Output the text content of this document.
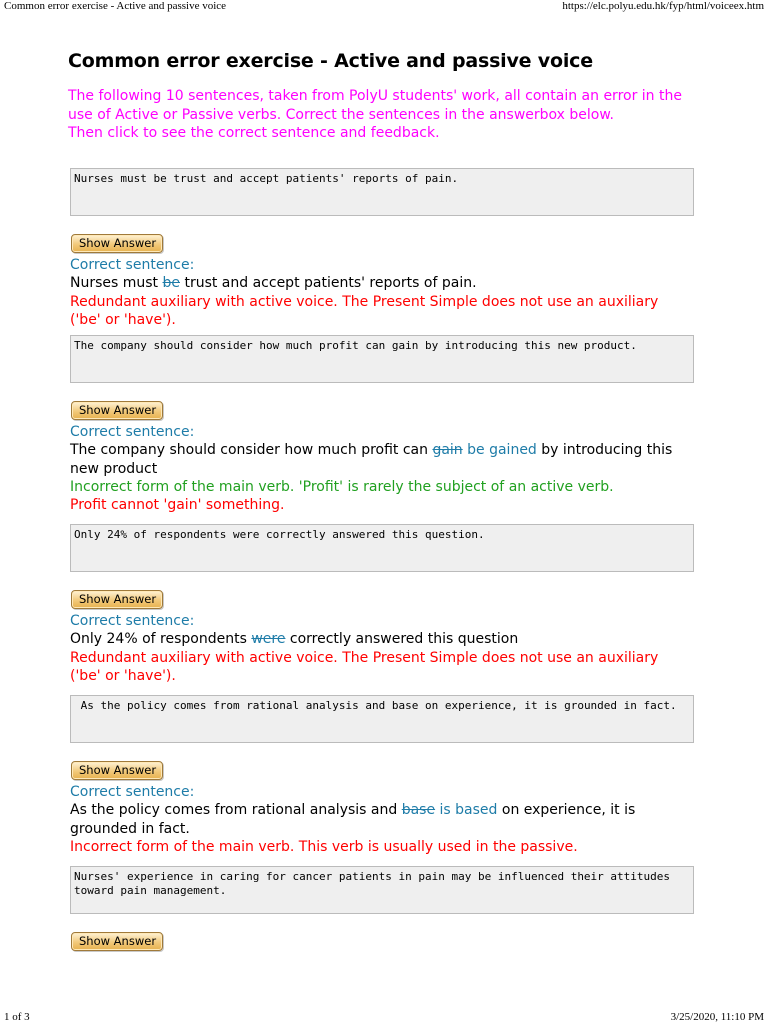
Common error exercise - Active and passive voice	https://elc.polyu.edu.hk/fyp/html/voiceex.htm
Common error exercise - Active and passive voice
The following 10 sentences, taken from PolyU students' work, all contain an error in the
use of Active or Passive verbs. Correct the sentences in the answerbox below.
Then click to see the correct sentence and feedback.
Nurses must be trust and accept patients' reports of pain.
Show Answer
Correct sentence:
Nurses must be trust and accept patients' reports of pain.
Redundant auxiliary with active voice. The Present Simple does not use an auxiliary ('be' or 'have').
The company should consider how much profit can gain by introducing this new product.
Show Answer
Correct sentence:
The company should consider how much profit can gain be gained by introducing this new product
Incorrect form of the main verb. 'Profit' is rarely the subject of an active verb.
Profit cannot 'gain' something.
Only 24% of respondents were correctly answered this question.
Show Answer
Correct sentence:
Only 24% of respondents were correctly answered this question
Redundant auxiliary with active voice. The Present Simple does not use an auxiliary ('be' or 'have').
As the policy comes from rational analysis and base on experience, it is grounded in fact.
Show Answer
Correct sentence:
As the policy comes from rational analysis and base is based on experience, it is grounded in fact.
Incorrect form of the main verb. This verb is usually used in the passive.
Nurses' experience in caring for cancer patients in pain may be influenced their attitudes toward pain management.
Show Answer
1 of 3	3/25/2020, 11:10 PM
